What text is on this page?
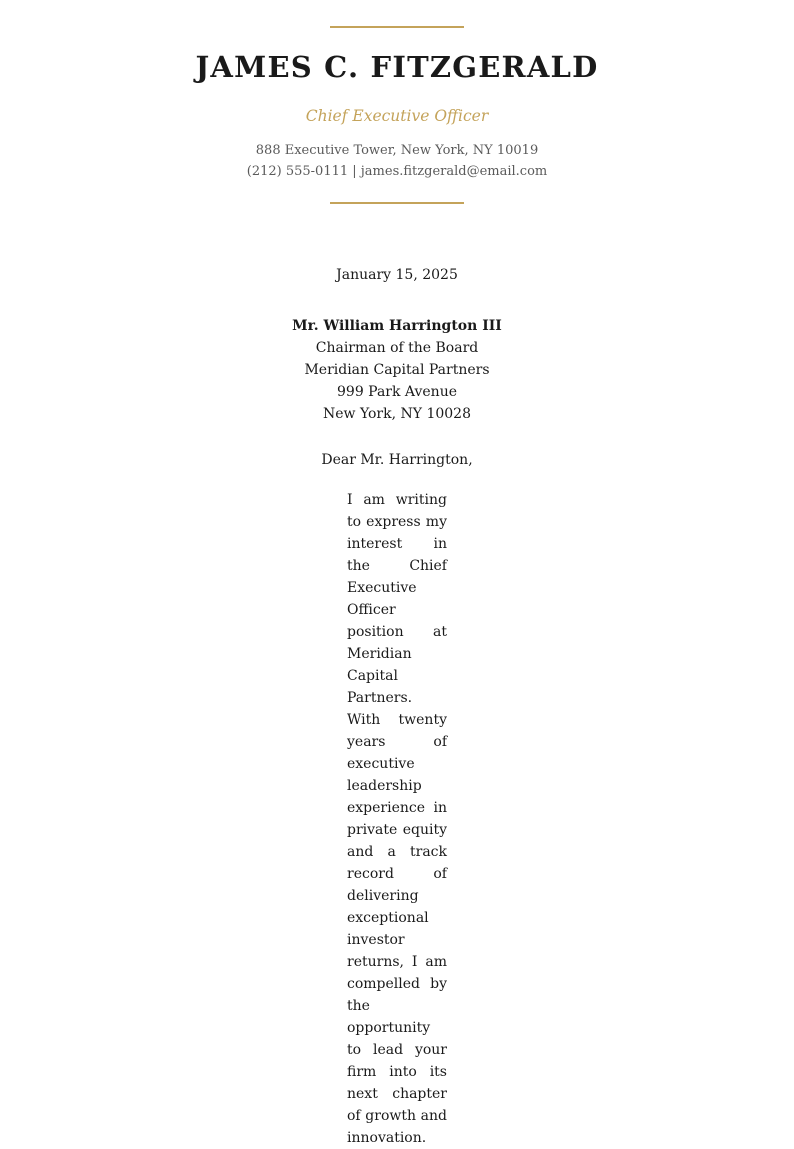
JAMES C. FITZGERALD
Chief Executive Officer
888 Executive Tower, New York, NY 10019
(212) 555-0111 | james.fitzgerald@email.com
January 15, 2025
Mr. William Harrington III
Chairman of the Board
Meridian Capital Partners
999 Park Avenue
New York, NY 10028
Dear Mr. Harrington,

I am writing to express my interest in the Chief Executive Officer position at Meridian Capital Partners. With twenty years of executive leadership experience in private equity and a track record of delivering exceptional investor returns, I am compelled by the opportunity to lead your firm into its next chapter of growth and innovation.
